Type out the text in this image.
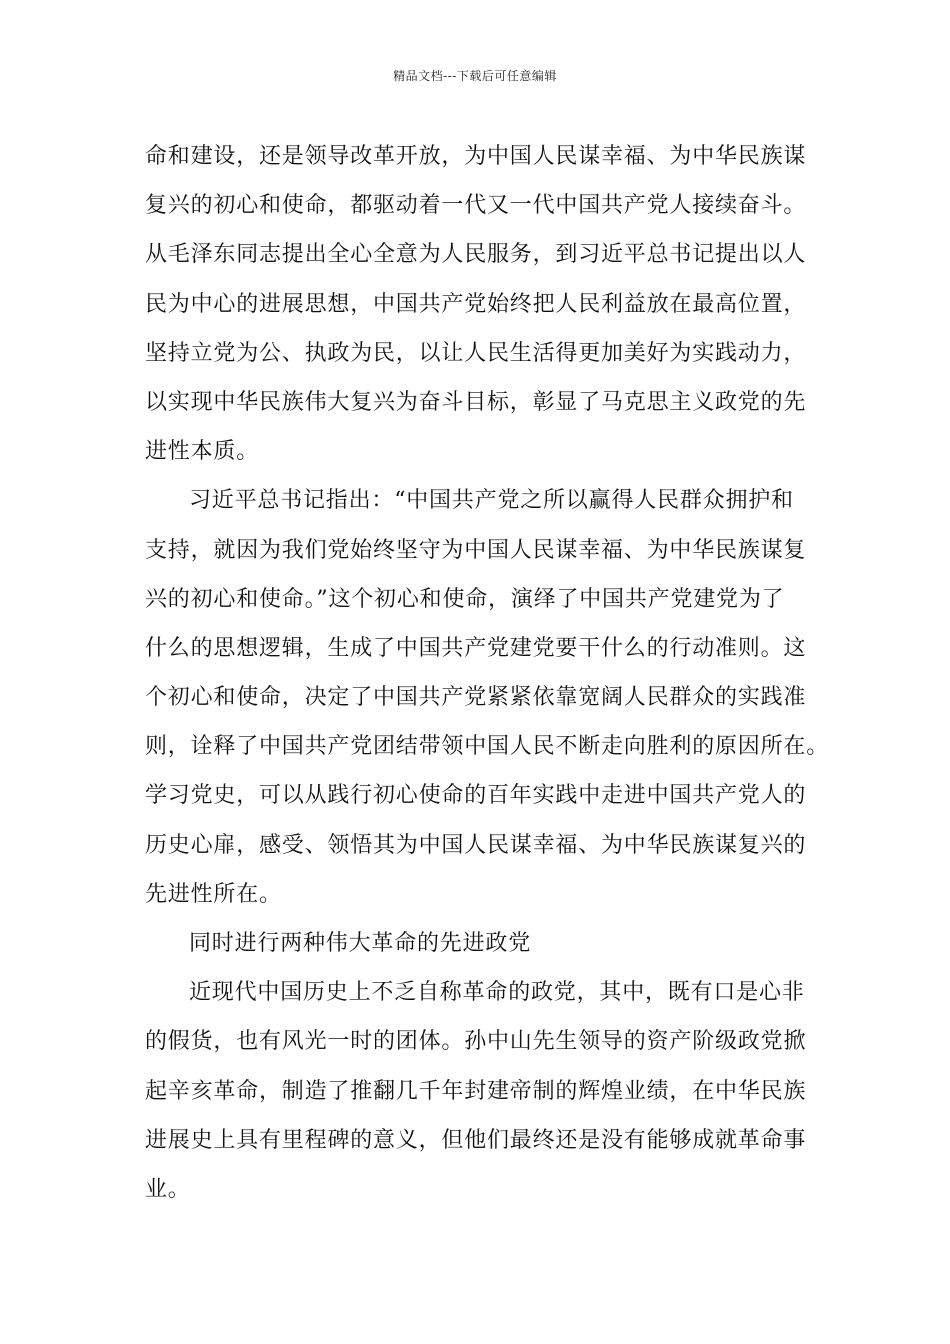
精品文档---下载后可任意编辑
命和建设，还是领导改革开放，为中国人民谋幸福、为中华民族谋
复兴的初心和使命，都驱动着一代又一代中国共产党人接续奋斗。
从毛泽东同志提出全心全意为人民服务，到习近平总书记提出以人
民为中心的进展思想，中国共产党始终把人民利益放在最高位置，
坚持立党为公、执政为民，以让人民生活得更加美好为实践动力，
以实现中华民族伟大复兴为奋斗目标，彰显了马克思主义政党的先
进性本质。
习近平总书记指出：“中国共产党之所以赢得人民群众拥护和
支持，就因为我们党始终坚守为中国人民谋幸福、为中华民族谋复
兴的初心和使命。”这个初心和使命，演绎了中国共产党建党为了
什么的思想逻辑，生成了中国共产党建党要干什么的行动准则。这
个初心和使命，决定了中国共产党紧紧依靠宽阔人民群众的实践准
则，诠释了中国共产党团结带领中国人民不断走向胜利的原因所在。
学习党史，可以从践行初心使命的百年实践中走进中国共产党人的
历史心扉，感受、领悟其为中国人民谋幸福、为中华民族谋复兴的
先进性所在。
同时进行两种伟大革命的先进政党
近现代中国历史上不乏自称革命的政党，其中，既有口是心非
的假货，也有风光一时的团体。孙中山先生领导的资产阶级政党掀
起辛亥革命，制造了推翻几千年封建帝制的辉煌业绩，在中华民族
进展史上具有里程碑的意义，但他们最终还是没有能够成就革命事
业。
